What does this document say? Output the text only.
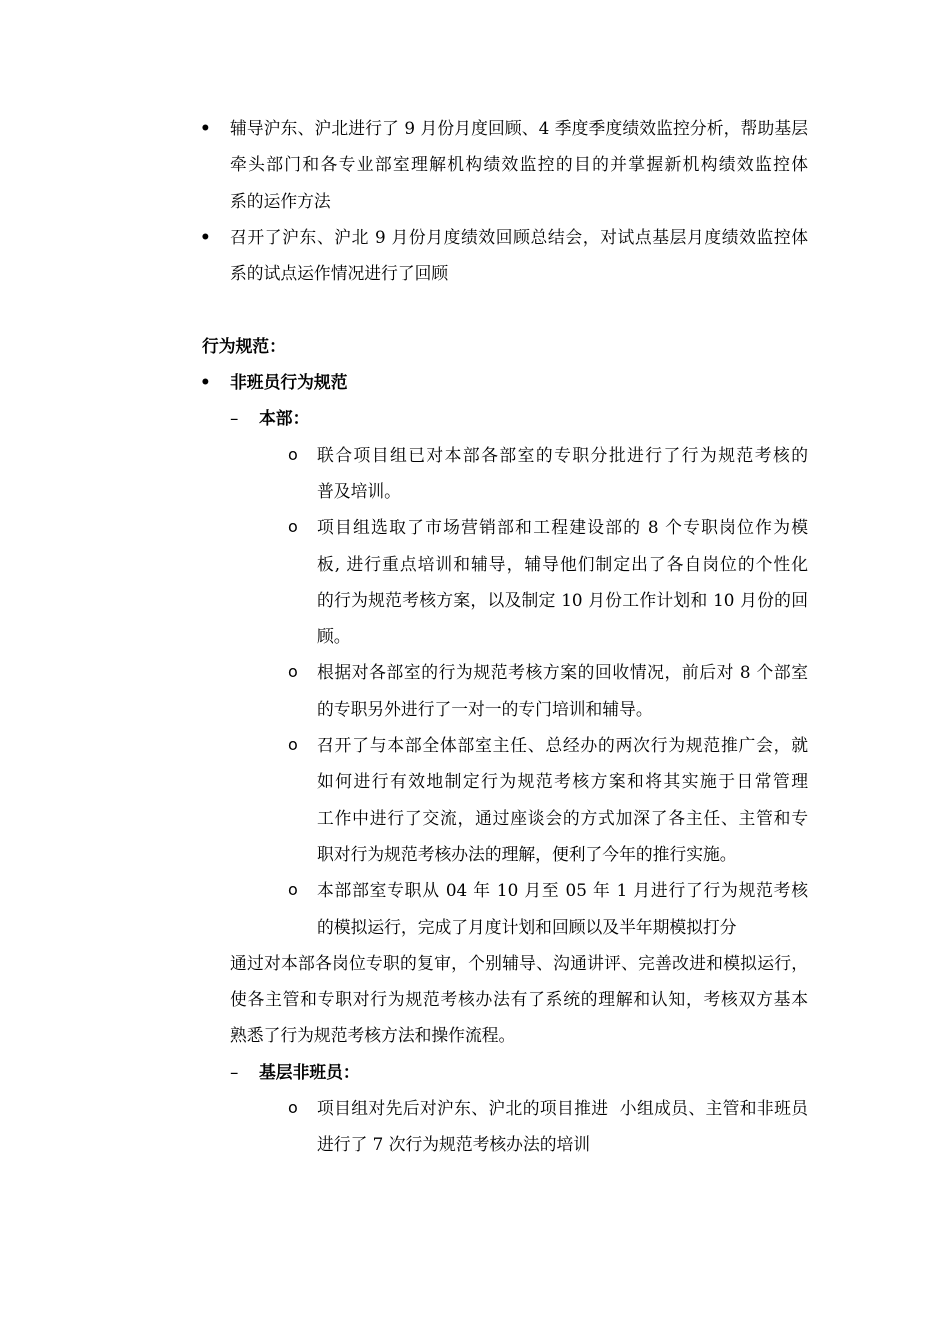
• 辅导沪东、沪北进行了 9 月份月度回顾、4 季度季度绩效监控分析，帮助基层
牵头部门和各专业部室理解机构绩效监控的目的并掌握新机构绩效监控体
系的运作方法
• 召开了沪东、沪北 9 月份月度绩效回顾总结会，对试点基层月度绩效监控体
系的试点运作情况进行了回顾
行为规范：
• 非班员行为规范
– 本部：
o 联合项目组已对本部各部室的专职分批进行了行为规范考核的
普及培训。
o 项目组选取了市场营销部和工程建设部的 8 个专职岗位作为模
板, 进行重点培训和辅导，辅导他们制定出了各自岗位的个性化
的行为规范考核方案，以及制定 10 月份工作计划和 10 月份的回
顾。
o 根据对各部室的行为规范考核方案的回收情况，前后对 8 个部室
的专职另外进行了一对一的专门培训和辅导。
o 召开了与本部全体部室主任、总经办的两次行为规范推广会，就
如何进行有效地制定行为规范考核方案和将其实施于日常管理
工作中进行了交流，通过座谈会的方式加深了各主任、主管和专
职对行为规范考核办法的理解，便利了今年的推行实施。
o 本部部室专职从 04 年 10 月至 05 年 1 月进行了行为规范考核
的模拟运行，完成了月度计划和回顾以及半年期模拟打分
通过对本部各岗位专职的复审，个别辅导、沟通讲评、完善改进和模拟运行，
使各主管和专职对行为规范考核办法有了系统的理解和认知，考核双方基本
熟悉了行为规范考核方法和操作流程。
– 基层非班员：
o 项目组对先后对沪东、沪北的项目推进  小组成员、主管和非班员
进行了 7 次行为规范考核办法的培训
